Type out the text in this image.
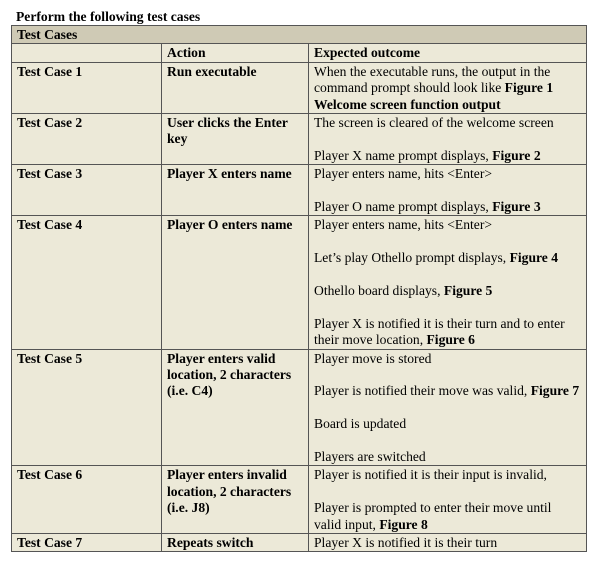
Perform the following test cases
Test Cases		
	Action	Expected outcome
Test Case 1	Run executable	When the executable runs, the output in the command prompt should look like Figure 1 Welcome screen function output

Test Case 2	User clicks the Enter key	The screen is cleared of the welcome screen
Player X name prompt displays, Figure 2

Test Case 3	Player X enters name	Player enters name, hits <Enter>
Player O name prompt displays, Figure 3

Test Case 4	Player O enters name	Player enters name, hits <Enter>
Let’s play Othello prompt displays, Figure 4
Othello board displays, Figure 5
Player X is notified it is their turn and to enter their move location, Figure 6

Test Case 5	Player enters valid location, 2 characters (i.e. C4)	Player move is stored
Player is notified their move was valid, Figure 7
Board is updated
Players are switched

Test Case 6	Player enters invalid location, 2 characters (i.e. J8)	Player is notified it is their input is invalid,
Player is prompted to enter their move until valid input, Figure 8

Test Case 7	Repeats switch	Player X is notified it is their turn
